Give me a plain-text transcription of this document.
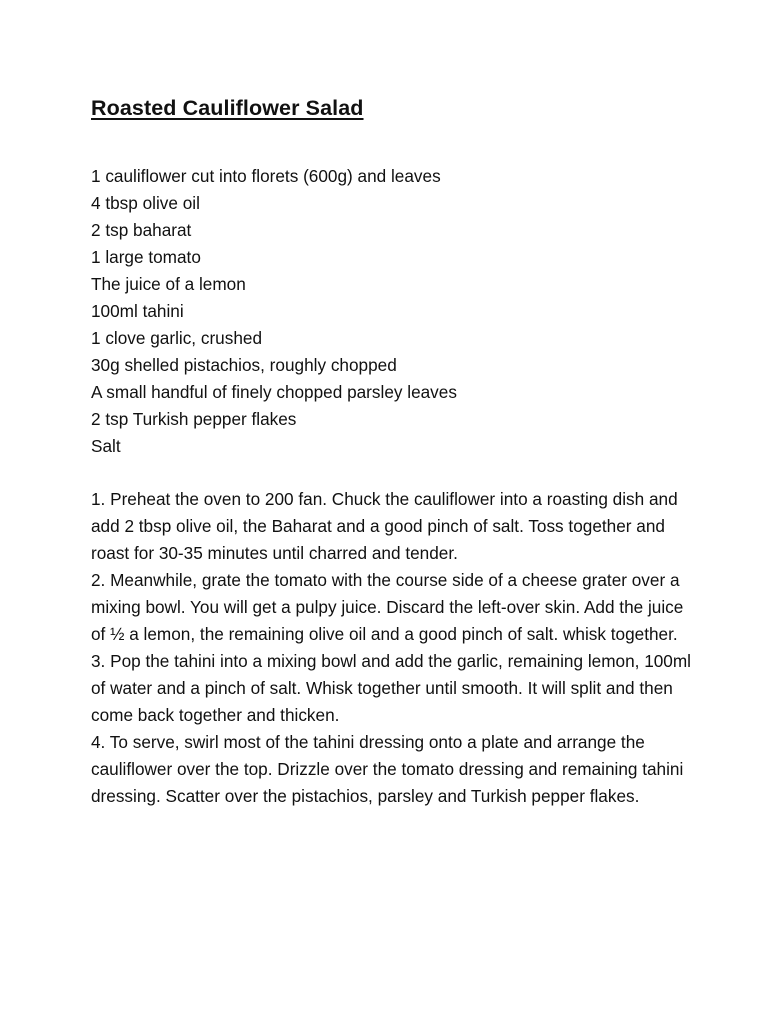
Roasted Cauliflower Salad
1 cauliflower cut into florets (600g) and leaves
4 tbsp olive oil
2 tsp baharat
1 large tomato
The juice of a lemon
100ml tahini
1 clove garlic, crushed
30g shelled pistachios, roughly chopped
A small handful of finely chopped parsley leaves
2 tsp Turkish pepper flakes
Salt

1. Preheat the oven to 200 fan. Chuck the cauliflower into a roasting dish and add 2 tbsp olive oil, the Baharat and a good pinch of salt. Toss together and roast for 30-35 minutes until charred and tender.

2. Meanwhile, grate the tomato with the course side of a cheese grater over a mixing bowl. You will get a pulpy juice. Discard the left-over skin. Add the juice of ½ a lemon, the remaining olive oil and a good pinch of salt. whisk together.

3. Pop the tahini into a mixing bowl and add the garlic, remaining lemon, 100ml of water and a pinch of salt. Whisk together until smooth. It will split and then come back together and thicken.

4. To serve, swirl most of the tahini dressing onto a plate and arrange the cauliflower over the top. Drizzle over the tomato dressing and remaining tahini dressing. Scatter over the pistachios, parsley and Turkish pepper flakes.
